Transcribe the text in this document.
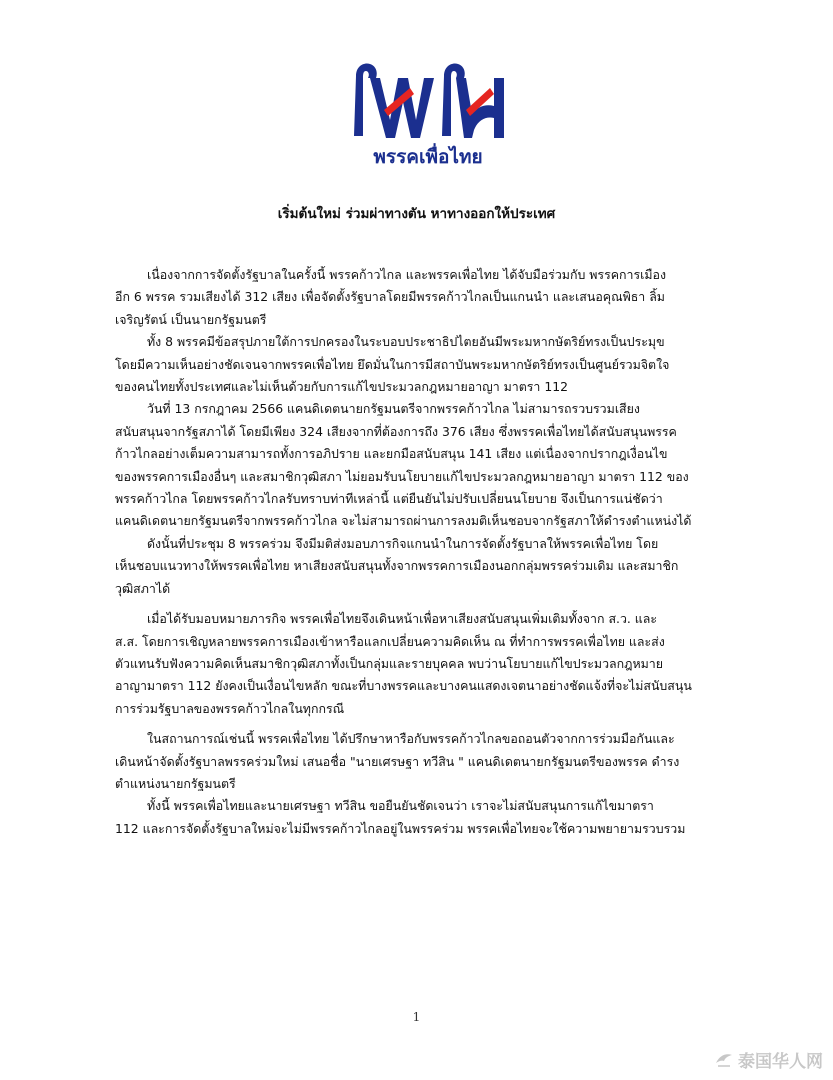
พรรคเพื่อไทย
เริ่มต้นใหม่ ร่วมผ่าทางตัน หาทางออกให้ประเทศ
เนื่องจากการจัดตั้งรัฐบาลในครั้งนี้ พรรคก้าวไกล และพรรคเพื่อไทย ได้จับมือร่วมกับ พรรคการเมือง
อีก 6 พรรค รวมเสียงได้ 312 เสียง เพื่อจัดตั้งรัฐบาลโดยมีพรรคก้าวไกลเป็นแกนนำ และเสนอคุณพิธา ลิ้ม
เจริญรัตน์ เป็นนายกรัฐมนตรี
ทั้ง 8 พรรคมีข้อสรุปภายใต้การปกครองในระบอบประชาธิปไตยอันมีพระมหากษัตริย์ทรงเป็นประมุข
โดยมีความเห็นอย่างชัดเจนจากพรรคเพื่อไทย ยึดมั่นในการมีสถาบันพระมหากษัตริย์ทรงเป็นศูนย์รวมจิตใจ
ของคนไทยทั้งประเทศและไม่เห็นด้วยกับการแก้ไขประมวลกฎหมายอาญา มาตรา 112
วันที่ 13 กรกฎาคม 2566 แคนดิเดตนายกรัฐมนตรีจากพรรคก้าวไกล ไม่สามารถรวบรวมเสียง
สนับสนุนจากรัฐสภาได้ โดยมีเพียง 324 เสียงจากที่ต้องการถึง 376 เสียง ซึ่งพรรคเพื่อไทยได้สนับสนุนพรรค
ก้าวไกลอย่างเต็มความสามารถทั้งการอภิปราย และยกมือสนับสนุน 141 เสียง แต่เนื่องจากปรากฎเงื่อนไข
ของพรรคการเมืองอื่นๆ และสมาชิกวุฒิสภา ไม่ยอมรับนโยบายแก้ไขประมวลกฎหมายอาญา มาตรา 112 ของ
พรรคก้าวไกล โดยพรรคก้าวไกลรับทราบท่าทีเหล่านี้ แต่ยืนยันไม่ปรับเปลี่ยนนโยบาย จึงเป็นการแน่ชัดว่า
แคนดิเดตนายกรัฐมนตรีจากพรรคก้าวไกล จะไม่สามารถผ่านการลงมติเห็นชอบจากรัฐสภาให้ดำรงตำแหน่งได้
ดังนั้นที่ประชุม 8 พรรคร่วม จึงมีมติส่งมอบภารกิจแกนนำในการจัดตั้งรัฐบาลให้พรรคเพื่อไทย โดย
เห็นชอบแนวทางให้พรรคเพื่อไทย หาเสียงสนับสนุนทั้งจากพรรคการเมืองนอกกลุ่มพรรคร่วมเดิม และสมาชิก
วุฒิสภาได้
เมื่อได้รับมอบหมายภารกิจ พรรคเพื่อไทยจึงเดินหน้าเพื่อหาเสียงสนับสนุนเพิ่มเติมทั้งจาก ส.ว. และ
ส.ส. โดยการเชิญหลายพรรคการเมืองเข้าหารือแลกเปลี่ยนความคิดเห็น ณ ที่ทำการพรรคเพื่อไทย และส่ง
ตัวแทนรับฟังความคิดเห็นสมาชิกวุฒิสภาทั้งเป็นกลุ่มและรายบุคคล พบว่านโยบายแก้ไขประมวลกฎหมาย
อาญามาตรา 112 ยังคงเป็นเงื่อนไขหลัก ขณะที่บางพรรคและบางคนแสดงเจตนาอย่างชัดแจ้งที่จะไม่สนับสนุน
การร่วมรัฐบาลของพรรคก้าวไกลในทุกกรณี
ในสถานการณ์เช่นนี้ พรรคเพื่อไทย ได้ปรึกษาหารือกับพรรคก้าวไกลขอถอนตัวจากการร่วมมือกันและ
เดินหน้าจัดตั้งรัฐบาลพรรคร่วมใหม่ เสนอชื่อ "นายเศรษฐา ทวีสิน " แคนดิเดตนายกรัฐมนตรีของพรรค ดำรง
ตำแหน่งนายกรัฐมนตรี
ทั้งนี้ พรรคเพื่อไทยและนายเศรษฐา ทวีสิน ขอยืนยันชัดเจนว่า เราจะไม่สนับสนุนการแก้ไขมาตรา
112 และการจัดตั้งรัฐบาลใหม่จะไม่มีพรรคก้าวไกลอยู่ในพรรคร่วม พรรคเพื่อไทยจะใช้ความพยายามรวบรวม
1
泰国华人网
